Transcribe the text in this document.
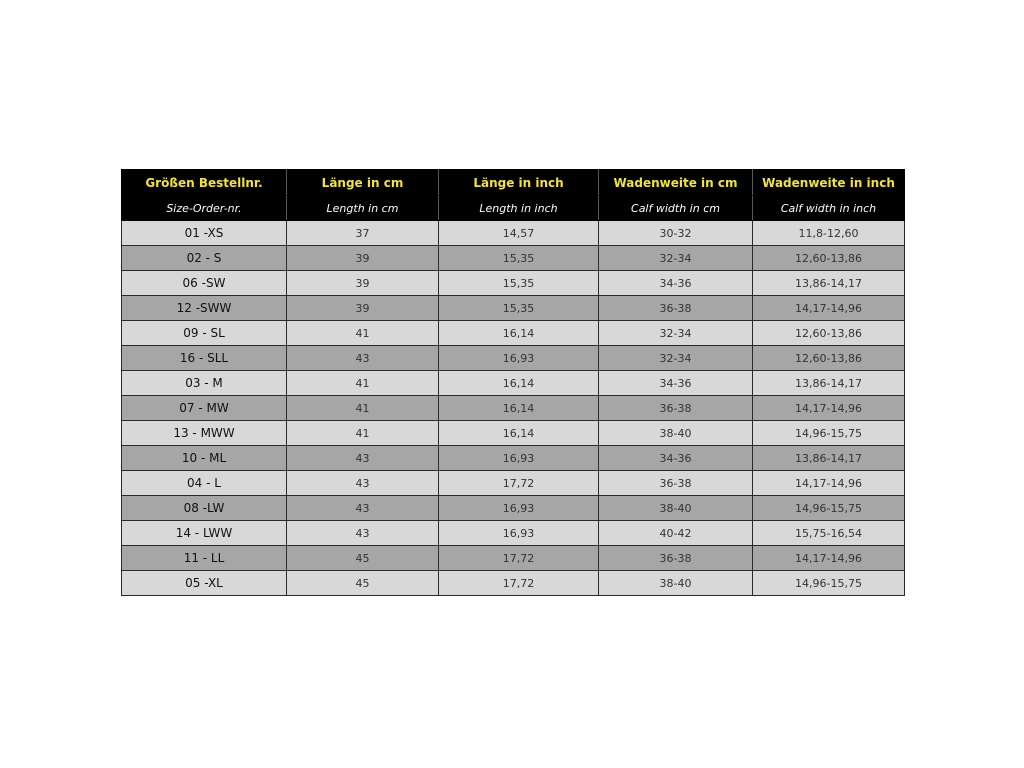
Größen Bestellnr.	Länge in cm	Länge in inch	Wadenweite in cm	Wadenweite in inch
Size-Order-nr.	Length in cm	Length in inch	Calf width in cm	Calf width in inch
01 -XS	37	14,57	30-32	11,8-12,60
02 - S	39	15,35	32-34	12,60-13,86
06 -SW	39	15,35	34-36	13,86-14,17
12 -SWW	39	15,35	36-38	14,17-14,96
09 - SL	41	16,14	32-34	12,60-13,86
16 - SLL	43	16,93	32-34	12,60-13,86
03 - M	41	16,14	34-36	13,86-14,17
07 - MW	41	16,14	36-38	14,17-14,96
13 - MWW	41	16,14	38-40	14,96-15,75
10 - ML	43	16,93	34-36	13,86-14,17
04 - L	43	17,72	36-38	14,17-14,96
08 -LW	43	16,93	38-40	14,96-15,75
14 - LWW	43	16,93	40-42	15,75-16,54
11 - LL	45	17,72	36-38	14,17-14,96
05 -XL	45	17,72	38-40	14,96-15,75
